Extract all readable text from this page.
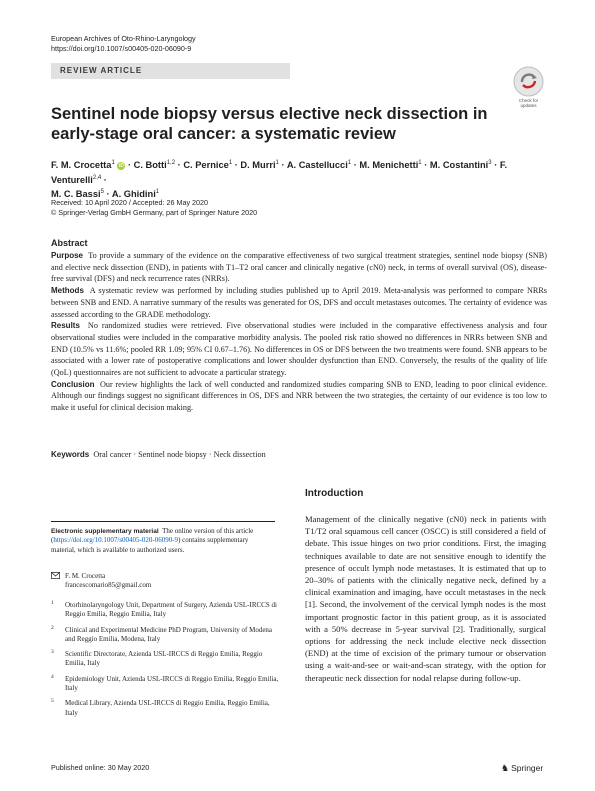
European Archives of Oto-Rhino-Laryngology
https://doi.org/10.1007/s00405-020-06090-9
REVIEW ARTICLE
Check for
updates
Sentinel node biopsy versus elective neck dissection in early-stage oral cancer: a systematic review
F. M. Crocetta$^1$ iD · C. Botti$^{1,2}$ · C. Pernice$^1$ · D. Murri$^1$ · A. Castellucci$^1$ · M. Menichetti$^1$ · M. Costantini$^3$ · F. Venturelli$^{2,4}$ ·
M. C. Bassi$^5$ · A. Ghidini$^1$
Received: 10 April 2020 / Accepted: 26 May 2020
© Springer-Verlag GmbH Germany, part of Springer Nature 2020
Abstract

Purpose To provide a summary of the evidence on the comparative effectiveness of two surgical treatment strategies, sentinel node biopsy (SNB) and elective neck dissection (END), in patients with T1–T2 oral cancer and clinically negative (cN0) neck, in terms of overall survival (OS), disease-free survival (DFS) and neck recurrence rates (NRRs).

Methods A systematic review was performed by including studies published up to April 2019. Meta-analysis was performed to compare NRRs between SNB and END. A narrative summary of the results was generated for OS, DFS and occult metastases outcomes. The certainty of evidence was assessed according to the GRADE methodology.

Results No randomized studies were retrieved. Five observational studies were included in the comparative effectiveness analysis and four observational studies were included in the comparative morbidity analysis. The pooled risk ratio showed no differences in NRRs between SNB and END (10.5% vs 11.6%; pooled RR 1.09; 95% CI 0.67–1.76). No differences in OS or DFS between the two treatments were found. SNB appears to be associated with a lower rate of postoperative complications and lower shoulder dysfunction than END. Conversely, the results of the quality of life (QoL) questionnaires are not sufficient to advocate a particular strategy.

Conclusion Our review highlights the lack of well conducted and randomized studies comparing SNB to END, leading to poor clinical evidence. Although our findings suggest no significant differences in OS, DFS and NRR between the two strategies, the certainty of our evidence is too low to make it useful for clinical decision making.

Keywords Oral cancer · Sentinel node biopsy · Neck dissection
Introduction
Management of the clinically negative (cN0) neck in patients with T1/T2 oral squamous cell cancer (OSCC) is still considered a field of debate. This issue hinges on two prior conditions. First, the imaging techniques available to date are not sensitive enough to identify the presence of occult lymph node metastases. It is estimated that up to 20–30% of patients with the clinically negative neck, defined by a clinical examination and imaging, have occult metastases in the neck [1]. Second, the involvement of the cervical lymph nodes is the most important prognostic factor in this patient group, as it is associated with a 50% decrease in 5-year survival [2]. Traditionally, surgical options for addressing the neck include elective neck dissection (END) at the time of excision of the primary tumour or observation using a wait-and-see or wait-and-scan strategy, with the option for therapeutic neck dissection for nodal relapse during follow-up.
Electronic supplementary material The online version of this article (https://doi.org/10.1007/s00405-020-06090-9) contains supplementary material, which is available to authorized users.
F. M. Crocetta
francescomario85@gmail.com
1 Otorhinolaryngology Unit, Department of Surgery, Azienda USL-IRCCS di Reggio Emilia, Reggio Emilia, Italy
2 Clinical and Experimental Medicine PhD Program, University of Modena and Reggio Emilia, Modena, Italy
3 Scientific Directorate, Azienda USL-IRCCS di Reggio Emilia, Reggio Emilia, Italy
4 Epidemiology Unit, Azienda USL-IRCCS di Reggio Emilia, Reggio Emilia, Italy
5 Medical Library, Azienda USL-IRCCS di Reggio Emilia, Reggio Emilia, Italy
Published online: 30 May 2020	♞ Springer
